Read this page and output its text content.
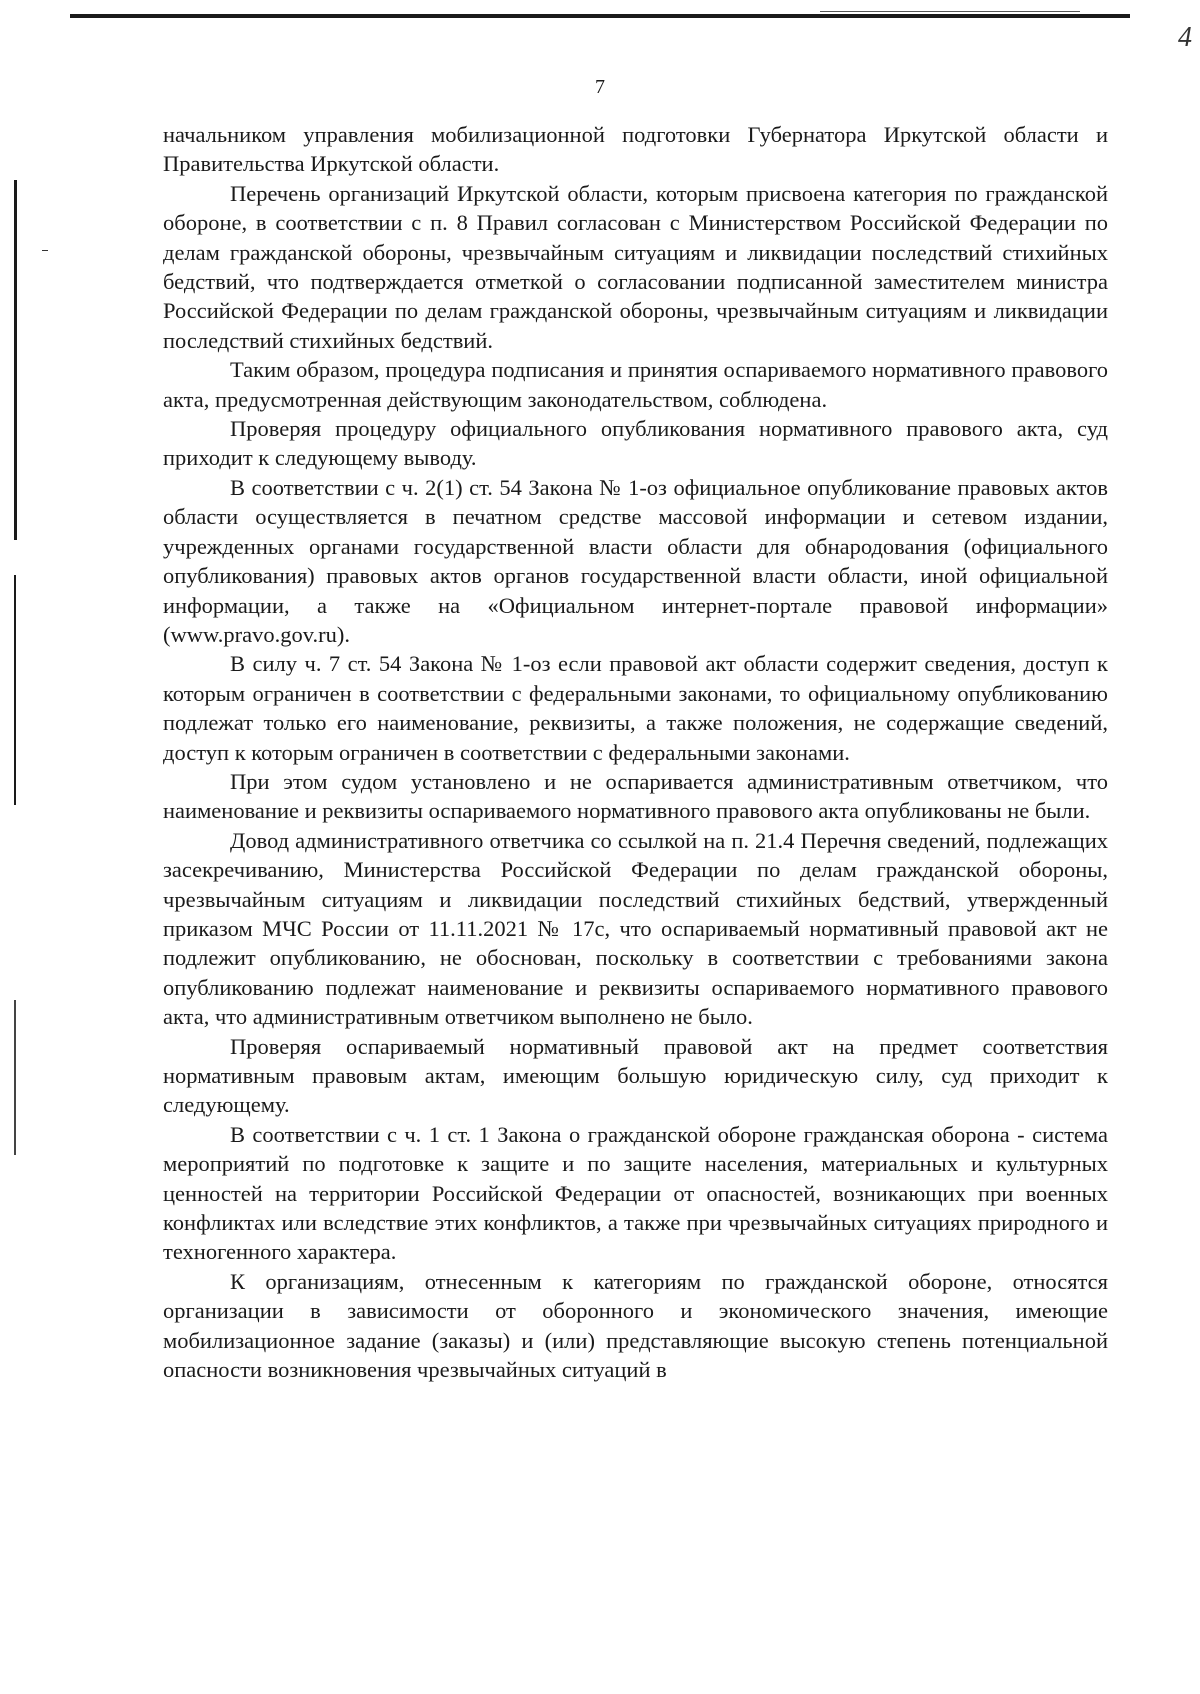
4
7

начальником управления мобилизационной подготовки Губернатора Иркутской области и Правительства Иркутской области.

Перечень организаций Иркутской области, которым присвоена категория по гражданской обороне, в соответствии с п. 8 Правил согласован с Министерством Российской Федерации по делам гражданской обороны, чрезвычайным ситуациям и ликвидации последствий стихийных бедствий, что подтверждается отметкой о согласовании подписанной заместителем министра Российской Федерации по делам гражданской обороны, чрезвычайным ситуациям и ликвидации последствий стихийных бедствий.

Таким образом, процедура подписания и принятия оспариваемого нормативного правового акта, предусмотренная действующим законодательством, соблюдена.

Проверяя процедуру официального опубликования нормативного правового акта, суд приходит к следующему выводу.

В соответствии с ч. 2(1) ст. 54 Закона № 1-оз официальное опубликование правовых актов области осуществляется в печатном средстве массовой информации и сетевом издании, учрежденных органами государственной власти области для обнародования (официального опубликования) правовых актов органов государственной власти области, иной официальной информации, а также на «Официальном интернет-портале правовой информации» (www.pravo.gov.ru).

В силу ч. 7 ст. 54 Закона № 1-оз если правовой акт области содержит сведения, доступ к которым ограничен в соответствии с федеральными законами, то официальному опубликованию подлежат только его наименование, реквизиты, а также положения, не содержащие сведений, доступ к которым ограничен в соответствии с федеральными законами.

При этом судом установлено и не оспаривается административным ответчиком, что наименование и реквизиты оспариваемого нормативного правового акта опубликованы не были.

Довод административного ответчика со ссылкой на п. 21.4 Перечня сведений, подлежащих засекречиванию, Министерства Российской Федерации по делам гражданской обороны, чрезвычайным ситуациям и ликвидации последствий стихийных бедствий, утвержденный приказом МЧС России от 11.11.2021 № 17с, что оспариваемый нормативный правовой акт не подлежит опубликованию, не обоснован, поскольку в соответствии с требованиями закона опубликованию подлежат наименование и реквизиты оспариваемого нормативного правового акта, что административным ответчиком выполнено не было.

Проверяя оспариваемый нормативный правовой акт на предмет соответствия нормативным правовым актам, имеющим большую юридическую силу, суд приходит к следующему.

В соответствии с ч. 1 ст. 1 Закона о гражданской обороне гражданская оборона - система мероприятий по подготовке к защите и по защите населения, материальных и культурных ценностей на территории Российской Федерации от опасностей, возникающих при военных конфликтах или вследствие этих конфликтов, а также при чрезвычайных ситуациях природного и техногенного характера.

К организациям, отнесенным к категориям по гражданской обороне, относятся организации в зависимости от оборонного и экономического значения, имеющие мобилизационное задание (заказы) и (или) представляющие высокую степень потенциальной опасности возникновения чрезвычайных ситуаций в
